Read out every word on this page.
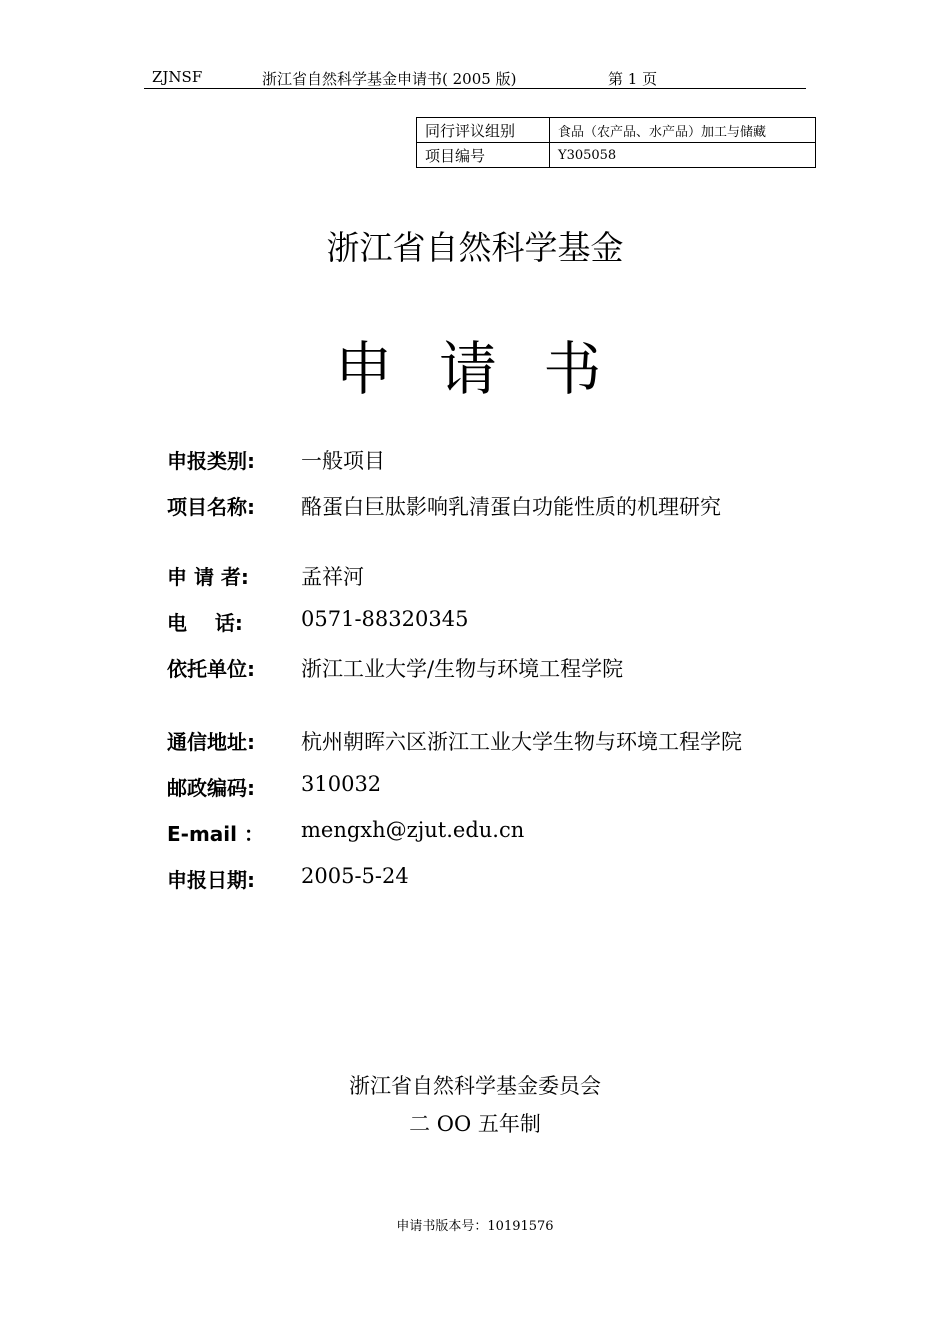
ZJNSF	浙江省自然科学基金申请书( 2005 版)	第 1 页
同行评议组别	食品（农产品、水产品）加工与储藏
项目编号	Y305058
浙江省自然科学基金
申 请 书
申报类别: 一般项目
项目名称: 酪蛋白巨肽影响乳清蛋白功能性质的机理研究
申 请 者: 孟祥河
电    话:	0571-88320345
依托单位: 浙江工业大学/生物与环境工程学院
通信地址: 杭州朝晖六区浙江工业大学生物与环境工程学院
邮政编码: 310032
E-mail ： mengxh@zjut.edu.cn
申报日期: 2005-5-24
浙江省自然科学基金委员会
二 OO 五年制
申请书版本号：10191576
